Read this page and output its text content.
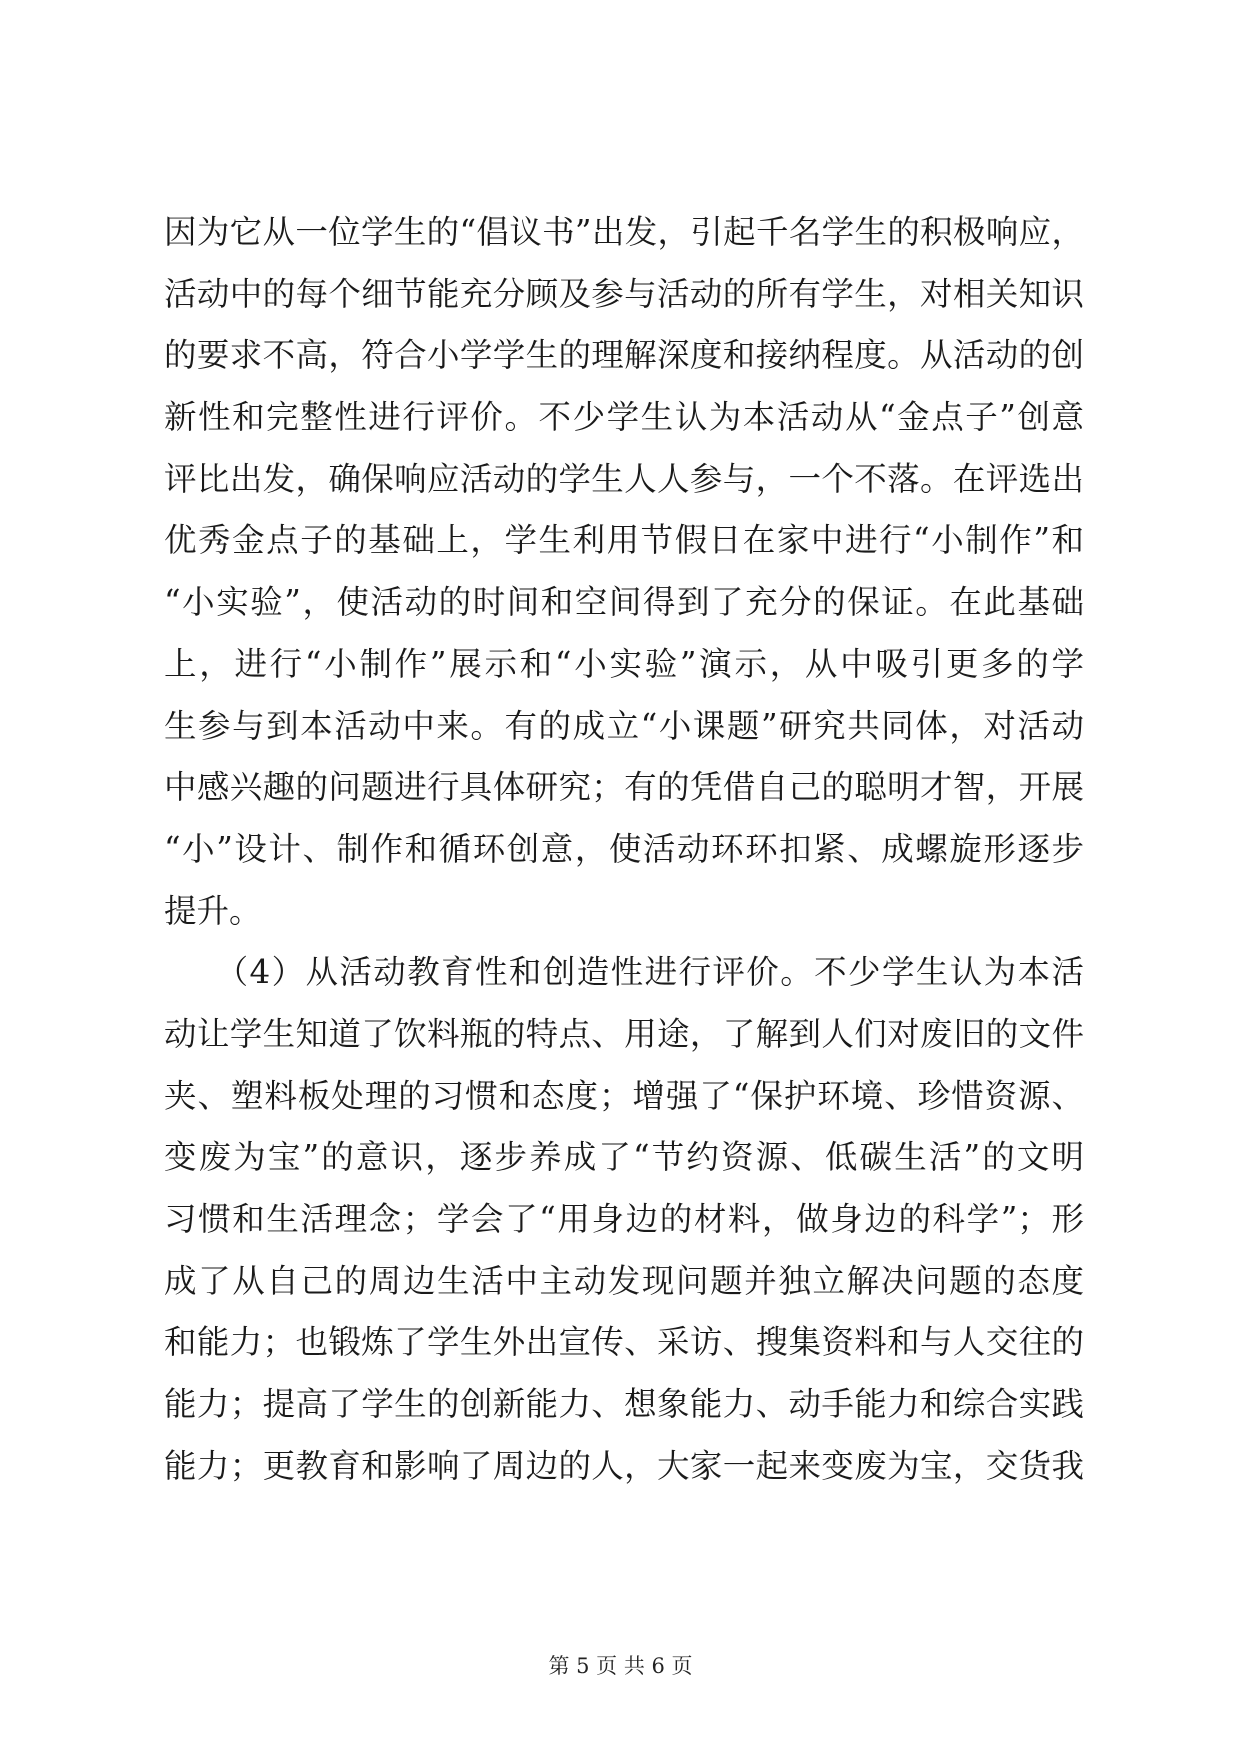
因为它从一位学生的“倡议书”出发，引起千名学生的积极响应，
活动中的每个细节能充分顾及参与活动的所有学生，对相关知识
的要求不高，符合小学学生的理解深度和接纳程度。从活动的创
新性和完整性进行评价。不少学生认为本活动从“金点子”创意
评比出发，确保响应活动的学生人人参与，一个不落。在评选出
优秀金点子的基础上，学生利用节假日在家中进行“小制作”和
“小实验”，使活动的时间和空间得到了充分的保证。在此基础
上，进行“小制作”展示和“小实验”演示，从中吸引更多的学
生参与到本活动中来。有的成立“小课题”研究共同体，对活动
中感兴趣的问题进行具体研究；有的凭借自己的聪明才智，开展
“小”设计、制作和循环创意，使活动环环扣紧、成螺旋形逐步
提升。
　　（4）从活动教育性和创造性进行评价。不少学生认为本活
动让学生知道了饮料瓶的特点、用途，了解到人们对废旧的文件
夹、塑料板处理的习惯和态度；增强了“保护环境、珍惜资源、
变废为宝”的意识，逐步养成了“节约资源、低碳生活”的文明
习惯和生活理念；学会了“用身边的材料，做身边的科学”；形
成了从自己的周边生活中主动发现问题并独立解决问题的态度
和能力；也锻炼了学生外出宣传、采访、搜集资料和与人交往的
能力；提高了学生的创新能力、想象能力、动手能力和综合实践
能力；更教育和影响了周边的人，大家一起来变废为宝，交货我
第 5 页 共 6 页
